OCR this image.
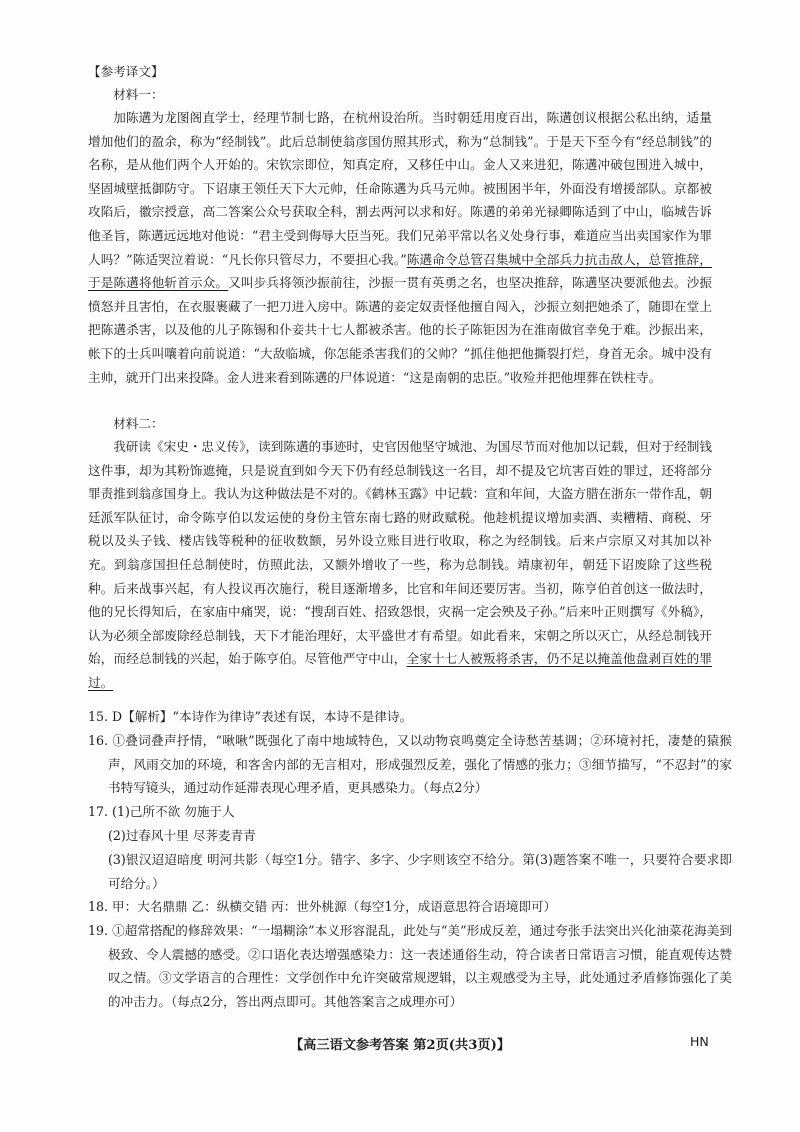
【参考译文】

材料一：

加陈遘为龙图阁直学士，经理节制七路，在杭州设治所。当时朝廷用度百出，陈遘创议根据公私出纳，适量增加他们的盈余，称为“经制钱”。此后总制使翁彦国仿照其形式，称为“总制钱”。于是天下至今有“经总制钱”的名称，是从他们两个人开始的。宋钦宗即位，知真定府，又移任中山。金人又来进犯，陈遘冲破包围进入城中，坚固城壁抵御防守。下诏康王领任天下大元帅，任命陈遘为兵马元帅。被围困半年，外面没有增援部队。京都被攻陷后，徽宗授意，高二答案公众号获取全科，割去两河以求和好。陈遘的弟弟光禄卿陈适到了中山，临城告诉他圣旨，陈遘远远地对他说：“君主受到侮辱大臣当死。我们兄弟平常以名义处身行事，难道应当出卖国家作为罪人吗？”陈适哭泣着说：“凡长你只管尽力，不要担心我。”陈遘命令总管召集城中全部兵力抗击敌人，总管推辞，于是陈遘将他斩首示众。又叫步兵将领沙振前往，沙振一贯有英勇之名，也坚决推辞，陈遘坚决要派他去。沙振愤怒并且害怕，在衣服裹藏了一把刀进入房中。陈遘的妾定奴责怪他擅自闯入，沙振立刻把她杀了，随即在堂上把陈遘杀害，以及他的儿子陈锡和仆妾共十七人都被杀害。他的长子陈钜因为在淮南做官幸免于难。沙振出来，帐下的士兵叫嚷着向前说道：“大敌临城，你怎能杀害我们的父帅？”抓住他把他撕裂打烂，身首无余。城中没有主帅，就开门出来投降。金人进来看到陈遘的尸体说道：“这是南朝的忠臣。”收殓并把他埋葬在铁柱寺。

材料二：

我研读《宋史・忠义传》，读到陈遘的事迹时，史官因他坚守城池、为国尽节而对他加以记载，但对于经制钱这件事，却为其粉饰遮掩，只是说直到如今天下仍有经总制钱这一名目，却不提及它坑害百姓的罪过，还将部分罪责推到翁彦国身上。我认为这种做法是不对的。《鹤林玉露》中记载：宣和年间，大盗方腊在浙东一带作乱，朝廷派军队征讨，命令陈亨伯以发运使的身份主管东南七路的财政赋税。他趁机提议增加卖酒、卖糟精、商税、牙税以及头子钱、楼店钱等税种的征收数额，另外设立账目进行收取，称之为经制钱。后来卢宗原又对其加以补充。到翁彦国担任总制使时，仿照此法，又额外增收了一些，称为总制钱。靖康初年，朝廷下诏废除了这些税种。后来战事兴起，有人投议再次施行，税目逐渐增多，比官和年间还要厉害。当初，陈亨伯首创这一做法时，他的兄长得知后，在家庙中痛哭，说：“搜刮百姓、招致怨恨，灾祸一定会殃及子孙。”后来叶正则撰写《外稿》，认为必须全部废除经总制钱，天下才能治理好，太平盛世才有希望。如此看来，宋朝之所以灭亡，从经总制钱开始，而经总制钱的兴起，始于陈亨伯。尽管他严守中山，全家十七人被叛将杀害，仍不足以掩盖他盘剥百姓的罪过。

15. D【解析】“本诗作为律诗”表述有误，本诗不是律诗。

16. ①叠词叠声抒情，“啾啾”既强化了南中地域特色，又以动物哀鸣奠定全诗愁苦基调；②环境衬托，凄楚的猿猴声，风雨交加的环境，和客舍内部的无言相对，形成强烈反差，强化了情感的张力；③细节描写，“不忍封”的家书特写镜头，通过动作延滞表现心理矛盾，更具感染力。（每点2分）

17. (1)己所不欲 勿施于人

(2)过春风十里 尽荠麦青青

(3)银汉迢迢暗度 明河共影（每空1分。错字、多字、少字则该空不给分。第(3)题答案不唯一，只要符合要求即可给分。）

18. 甲：大名鼎鼎 乙：纵横交错 丙：世外桃源（每空1分，成语意思符合语境即可）

19. ①超常搭配的修辞效果：“一塌糊涂”本义形容混乱，此处与“美”形成反差，通过夸张手法突出兴化油菜花海美到极致、令人震撼的感受。②口语化表达增强感染力：这一表述通俗生动，符合读者日常语言习惯，能直观传达赞叹之情。③文学语言的合理性：文学创作中允许突破常规逻辑，以主观感受为主导，此处通过矛盾修饰强化了美的冲击力。（每点2分，答出两点即可。其他答案言之成理亦可）

【高三语文参考答案 第2页(共3页)】	HN
